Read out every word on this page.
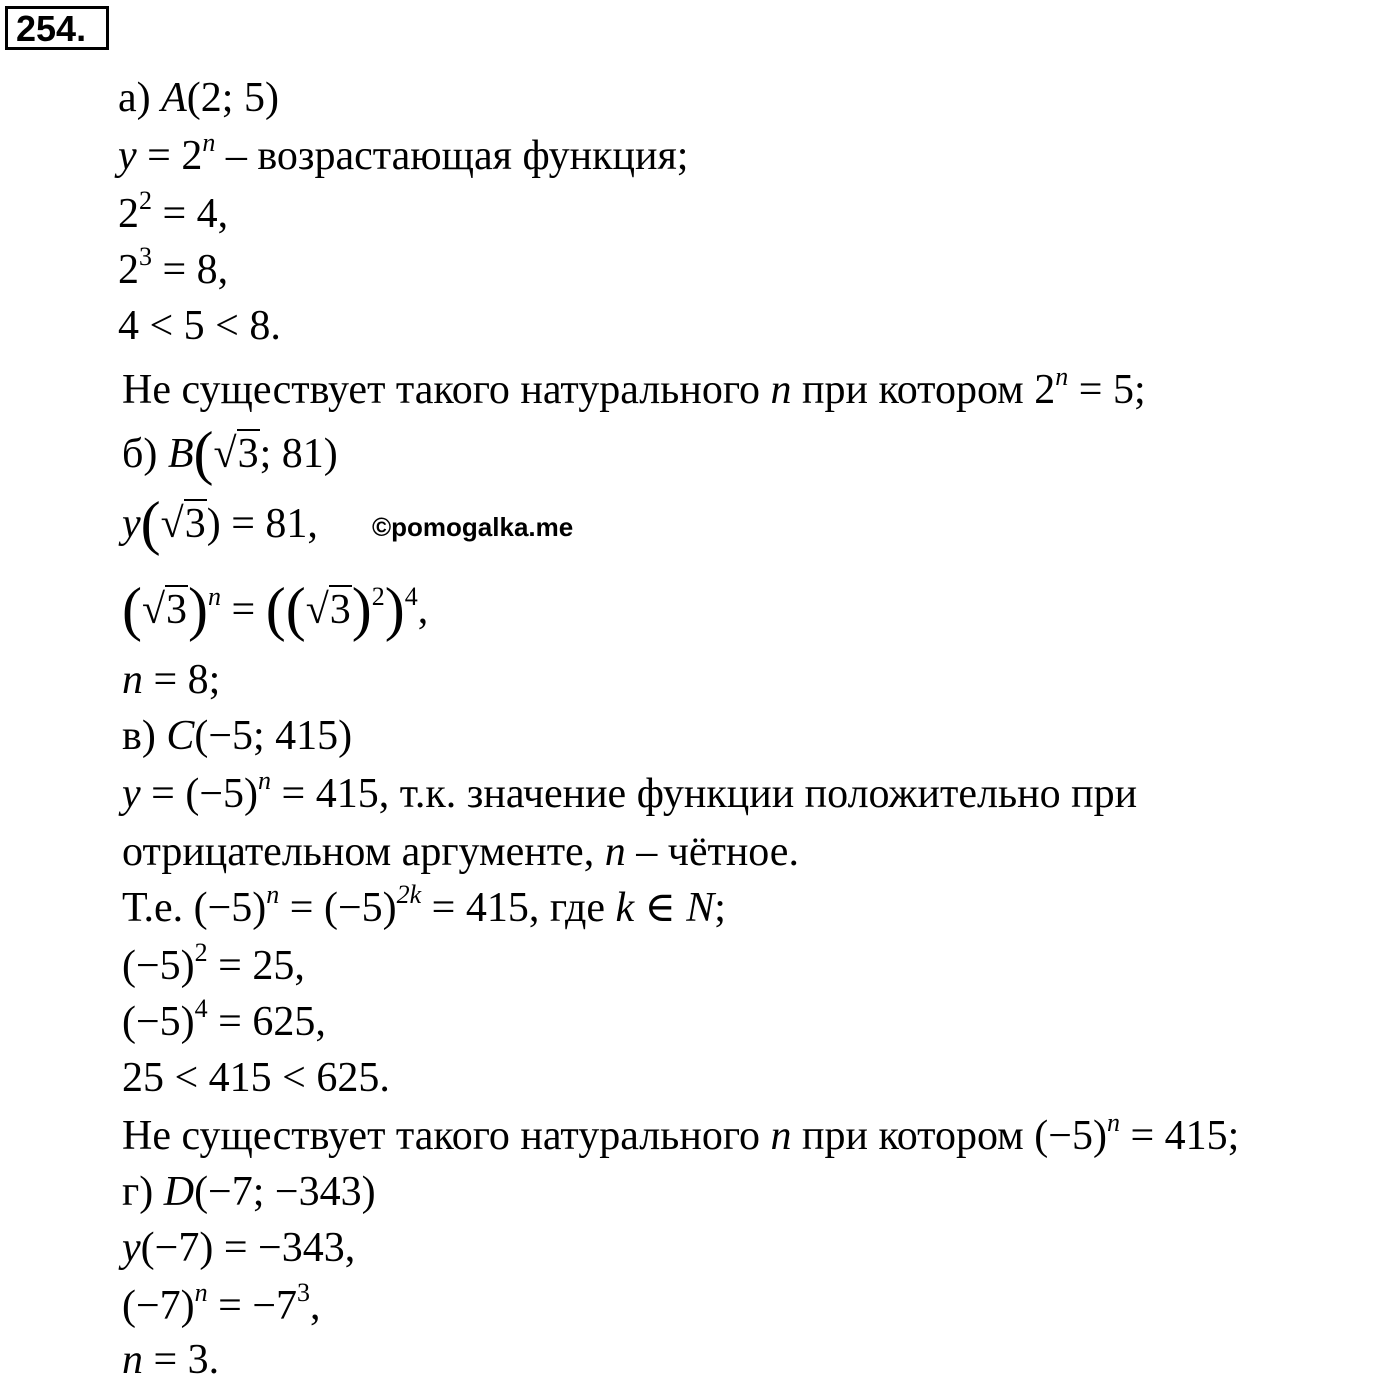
254.
а) A(2; 5)
$y = 2^n$ – возрастающая функция;
$2^2 = 4$,
$2^3 = 8$,
4 < 5 < 8.
Не существует такого натурального n при котором $2^n = 5$;
б) B(√3; 81)
y(√3) = 81, ©pomogalka.me
$(√3)^n = ((√3)^2)^4$,
n = 8;
в) C(−5; 415)
$y = (-5)^n = 415$, т.к. значение функции положительно при
отрицательном аргументе, n – чётное.
Т.е. $(-5)^n = (-5)^{2k} = 415$, где k ∈ N;
$(-5)^2 = 25$,
$(-5)^4 = 625$,
25 < 415 < 625.
Не существует такого натурального n при котором $(-5)^n = 415$;
г) D(−7; −343)
y(−7) = −343,
$(-7)^n = -7^3$,
n = 3.
